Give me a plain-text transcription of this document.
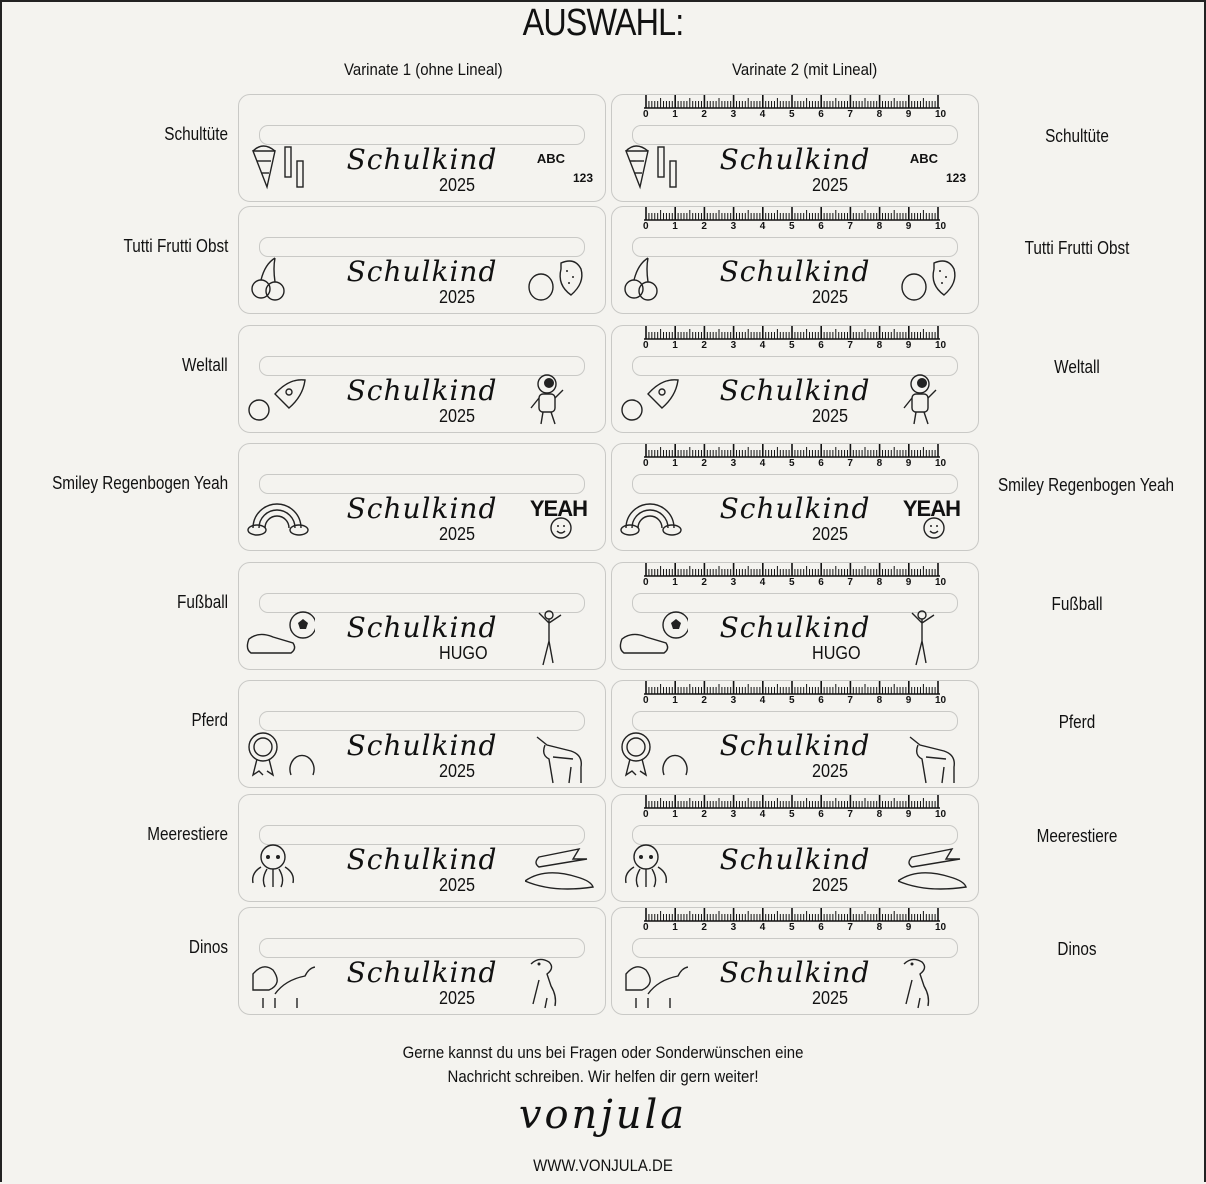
AUSWAHL:
Varinate 1 (ohne Lineal)	Varinate 2 (mit Lineal)
Schultüte	Schultüte
Schulkind
2025
ABC
123
0 1 2 3 4 5 6 7 8 9 10
Schulkind
2025
ABC
123
Tutti Frutti Obst	Tutti Frutti Obst
Schulkind
2025
0 1 2 3 4 5 6 7 8 9 10
Schulkind
2025
Weltall	Weltall
Schulkind
2025
0 1 2 3 4 5 6 7 8 9 10
Schulkind
2025
Smiley Regenbogen Yeah	Smiley Regenbogen Yeah
Schulkind
2025
YEAH
0 1 2 3 4 5 6 7 8 9 10
Schulkind
2025
YEAH
Fußball	Fußball
Schulkind
HUGO
0 1 2 3 4 5 6 7 8 9 10
Schulkind
HUGO
Pferd	Pferd
Schulkind
2025
0 1 2 3 4 5 6 7 8 9 10
Schulkind
2025
Meerestiere	Meerestiere
Schulkind
2025
0 1 2 3 4 5 6 7 8 9 10
Schulkind
2025
Dinos	Dinos
Schulkind
2025
0 1 2 3 4 5 6 7 8 9 10
Schulkind
2025
Gerne kannst du uns bei Fragen oder Sonderwünschen eine
Nachricht schreiben. Wir helfen dir gern weiter!
vonjula
WWW.VONJULA.DE
